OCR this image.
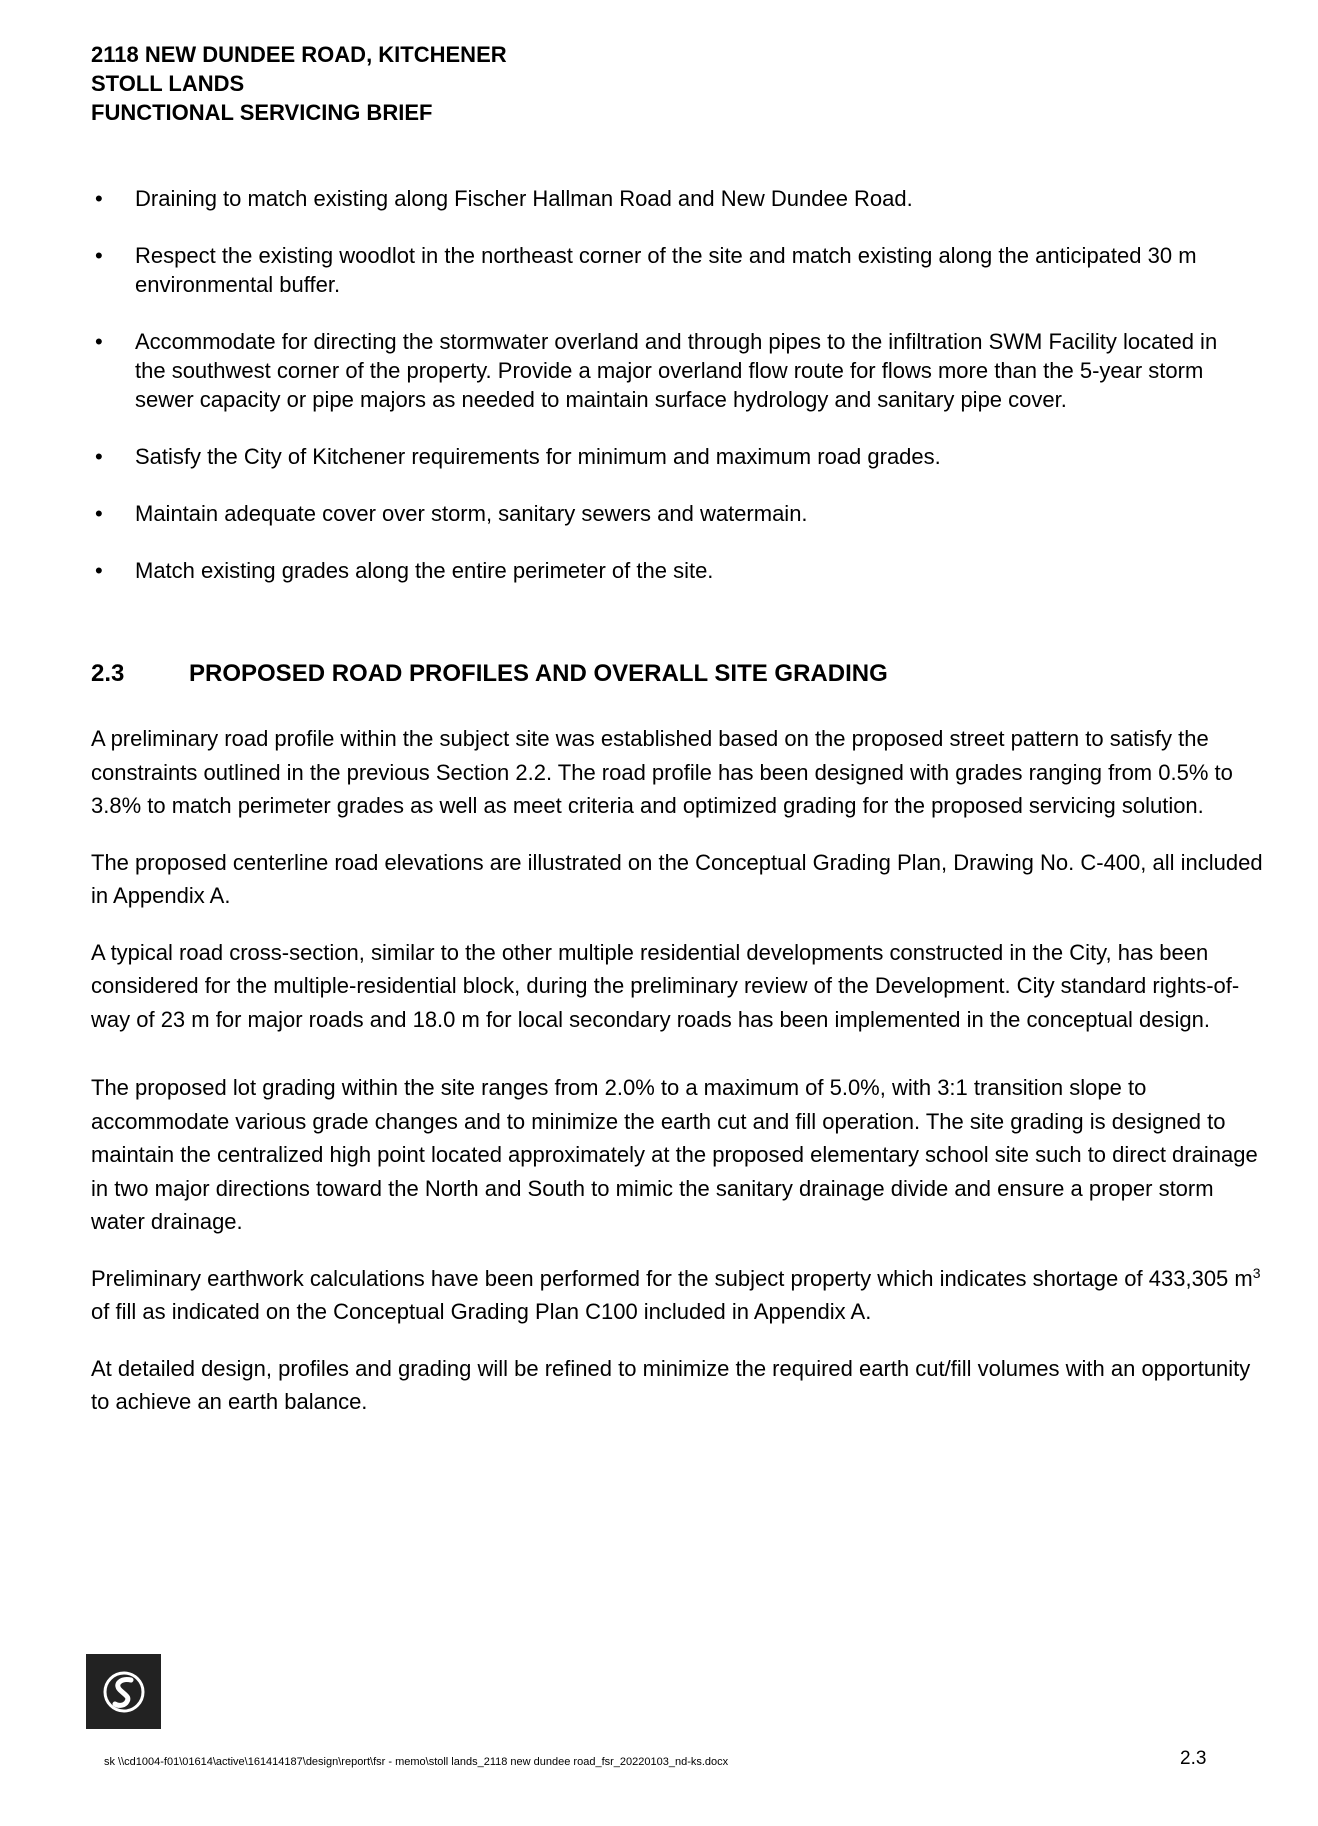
2118 NEW DUNDEE ROAD, KITCHENER
STOLL LANDS
FUNCTIONAL SERVICING BRIEF
• Draining to match existing along Fischer Hallman Road and New Dundee Road.
• Respect the existing woodlot in the northeast corner of the site and match existing along the anticipated 30 m environmental buffer.
• Accommodate for directing the stormwater overland and through pipes to the infiltration SWM Facility located in the southwest corner of the property. Provide a major overland flow route for flows more than the 5-year storm sewer capacity or pipe majors as needed to maintain surface hydrology and sanitary pipe cover.
• Satisfy the City of Kitchener requirements for minimum and maximum road grades.
• Maintain adequate cover over storm, sanitary sewers and watermain.
• Match existing grades along the entire perimeter of the site.
2.3	PROPOSED ROAD PROFILES AND OVERALL SITE GRADING

A preliminary road profile within the subject site was established based on the proposed street pattern to satisfy the constraints outlined in the previous Section 2.2. The road profile has been designed with grades ranging from 0.5% to 3.8% to match perimeter grades as well as meet criteria and optimized grading for the proposed servicing solution.

The proposed centerline road elevations are illustrated on the Conceptual Grading Plan, Drawing No. C-400, all included in Appendix A.

A typical road cross-section, similar to the other multiple residential developments constructed in the City, has been considered for the multiple-residential block, during the preliminary review of the Development. City standard rights-of-way of 23 m for major roads and 18.0 m for local secondary roads has been implemented in the conceptual design.

The proposed lot grading within the site ranges from 2.0% to a maximum of 5.0%, with 3:1 transition slope to accommodate various grade changes and to minimize the earth cut and fill operation. The site grading is designed to maintain the centralized high point located approximately at the proposed elementary school site such to direct drainage in two major directions toward the North and South to mimic the sanitary drainage divide and ensure a proper storm water drainage.

Preliminary earthwork calculations have been performed for the subject property which indicates shortage of 433,305 $m^3$ of fill as indicated on the Conceptual Grading Plan C100 included in Appendix A.

At detailed design, profiles and grading will be refined to minimize the required earth cut/fill volumes with an opportunity to achieve an earth balance.

sk \\cd1004-f01\01614\active\161414187\design\report\fsr - memo\stoll lands_2118 new dundee road_fsr_20220103_nd-ks.docx	2.3
